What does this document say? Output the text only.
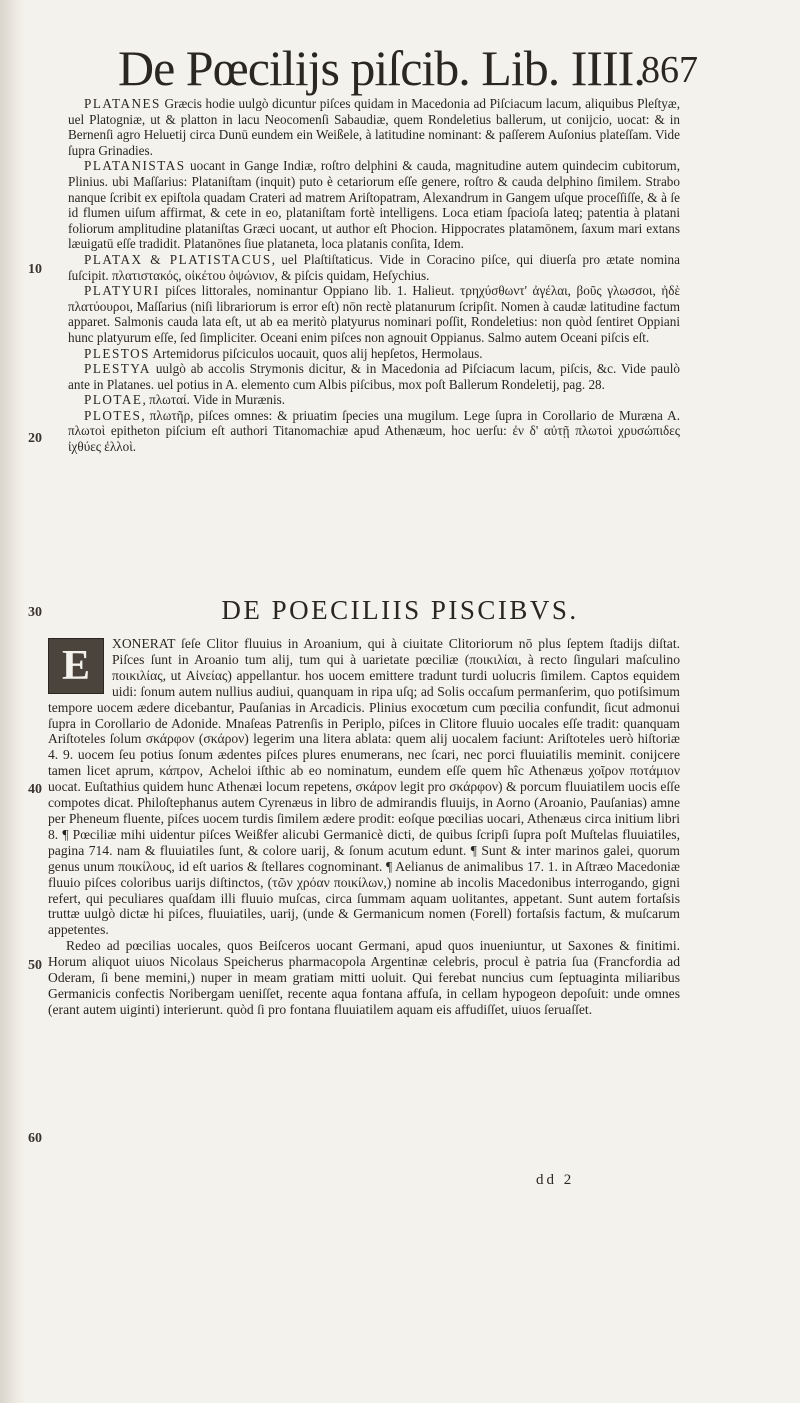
De Pœcilijs piſcib. Lib. IIII.
867
10
20
30
40
50
60

PLATANES Græcis hodie uulgò dicuntur piſces quidam in Macedonia ad Piſciacum lacum, aliquibus Pleſtyæ, uel Platogniæ, ut & platton in lacu Neocomenſi Sabaudiæ, quem Rondeletius ballerum, ut conijcio, uocat: & in Bernenſi agro Heluetij circa Dunū eundem ein Weißele, à latitudine nominant: & paſſerem Auſonius plateſſam. Vide ſupra Grinadies.

PLATANISTAS uocant in Gange Indiæ, roſtro delphini & cauda, magnitudine autem quindecim cubitorum, Plinius. ubi Maſſarius: Plataniſtam (inquit) puto è cetariorum eſſe genere, roſtro & cauda delphino ſimilem. Strabo nanque ſcribit ex epiſtola quadam Crateri ad matrem Ariſtopatram, Alexandrum in Gangem uſque proceſſiſſe, & à ſe id flumen uiſum affirmat, & cete in eo, plataniſtam fortè intelligens. Loca etiam ſpacioſa lateq; patentia à platani foliorum amplitudine plataniſtas Græci uocant, ut author eſt Phocion. Hippocrates platamōnem, ſaxum mari extans læuigatū eſſe tradidit. Platanōnes ſiue plataneta, loca platanis conſita, Idem.

PLATAX & PLATISTACUS, uel Plaſtiſtaticus. Vide in Coracino piſce, qui diuerſa pro ætate nomina ſuſcipit. πλατιστακός, οἰκέτου ὀψώνιον, & piſcis quidam, Heſychius.

PLATYURI piſces littorales, nominantur Oppiano lib. 1. Halieut. τρηχύσθωντ' ἀγέλαι, βοῦς γλωσσοι, ἠδὲ πλατύουροι, Maſſarius (niſi librariorum is error eſt) nōn rectè platanurum ſcripſit. Nomen à caudæ latitudine factum apparet. Salmonis cauda lata eſt, ut ab ea meritò platyurus nominari poſſit, Rondeletius: non quòd ſentiret Oppiani hunc platyurum eſſe, ſed ſimpliciter. Oceani enim piſces non agnouit Oppianus. Salmo autem Oceani piſcis eſt.

PLESTOS Artemidorus piſciculos uocauit, quos alij hepſetos, Hermolaus.

PLESTYA uulgò ab accolis Strymonis dicitur, & in Macedonia ad Piſciacum lacum, piſcis, &c. Vide paulò ante in Platanes. uel potius in A. elemento cum Albis piſcibus, mox poſt Ballerum Rondeletij, pag. 28.

PLOTAE, πλωταί. Vide in Murænis.

PLOTES, πλωτῆρ, piſces omnes: & priuatim ſpecies una mugilum. Lege ſupra in Corollario de Muræna A. πλωτοὶ epitheton piſcium eſt authori Titanomachiæ apud Athenæum, hoc uerſu: ἐν δ' αὐτῇ πλωτοὶ χρυσώπιδες ἰχθύες ἐλλοὶ.

DE POECILIIS PISCIBVS.

E	XONERAT ſeſe Clitor fluuius in Aroanium, qui à ciuitate Clitoriorum nō plus ſeptem ſtadijs diſtat. Piſces ſunt in Aroanio tum alij, tum qui à uarietate pœciliæ (ποικιλίαι, à recto ſingulari maſculino ποικιλίας, ut Αἰνείας) appellantur. hos uocem emittere tradunt turdi uolucris ſimilem. Captos equidem uidi: ſonum autem nullius audiui, quanquam in ripa uſq; ad Solis occaſum permanſerim, quo potiſsimum tempore uocem ædere dicebantur, Pauſanias in Arcadicis. Plinius exocœtum cum pœcilia confundit, ſicut admonui ſupra in Corollario de Adonide. Mnaſeas Patrenſis in Periplo, piſces in Clitore fluuio uocales eſſe tradit: quanquam Ariſtoteles ſolum σκάρφον (σκάρον) legerim una litera ablata: quem alij uocalem faciunt: Ariſtoteles uerò hiſtoriæ 4. 9. uocem ſeu potius ſonum ædentes piſces plures enumerans, nec ſcari, nec porci fluuiatilis meminit. conijcere tamen licet aprum, κάπρον, Acheloi iſthic ab eo nominatum, eundem eſſe quem hîc Athenæus χοῖρον ποτάμιον uocat. Euſtathius quidem hunc Athenæi locum repetens, σκάρον legit pro σκάρφον) & porcum fluuiatilem uocis eſſe compotes dicat. Philoſtephanus autem Cyrenæus in libro de admirandis fluuijs, in Aorno (Aroanio, Pauſanias) amne per Pheneum fluente, piſces uocem turdis ſimilem ædere prodit: eoſque pœcilias uocari, Athenæus circa initium libri 8. ¶ Pœciliæ mihi uidentur piſces Weißfer alicubi Germanicè dicti, de quibus ſcripſi ſupra poſt Muſtelas fluuiatiles, pagina 714. nam & fluuiatiles ſunt, & colore uarij, & ſonum acutum edunt. ¶ Sunt & inter marinos galei, quorum genus unum ποικίλους, id eſt uarios & ſtellares cognominant. ¶ Aelianus de animalibus 17. 1. in Aſtræo Macedoniæ fluuio piſces coloribus uarijs diſtinctos, (τῶν χρόαν ποικίλων,) nomine ab incolis Macedonibus interrogando, gigni refert, qui peculiares quaſdam illi fluuio muſcas, circa ſummam aquam uolitantes, appetant. Sunt autem fortaſsis truttæ uulgò dictæ hi piſces, fluuiatiles, uarij, (unde & Germanicum nomen (Forell) fortaſsis factum, & muſcarum appetentes.

Redeo ad pœcilias uocales, quos Beiſceros uocant Germani, apud quos inueniuntur, ut Saxones & finitimi. Horum aliquot uiuos Nicolaus Speicherus pharmacopola Argentinæ celebris, procul è patria ſua (Francfordia ad Oderam, ſi bene memini,) nuper in meam gratiam mitti uoluit. Qui ferebat nuncius cum ſeptuaginta miliaribus Germanicis confectis Noribergam ueniſſet, recente aqua fontana affuſa, in cellam hypogeon depoſuit: unde omnes (erant autem uiginti) interierunt. quòd ſi pro fontana fluuiatilem aquam eis affudiſſet, uiuos ſeruaſſet.

dd 2
